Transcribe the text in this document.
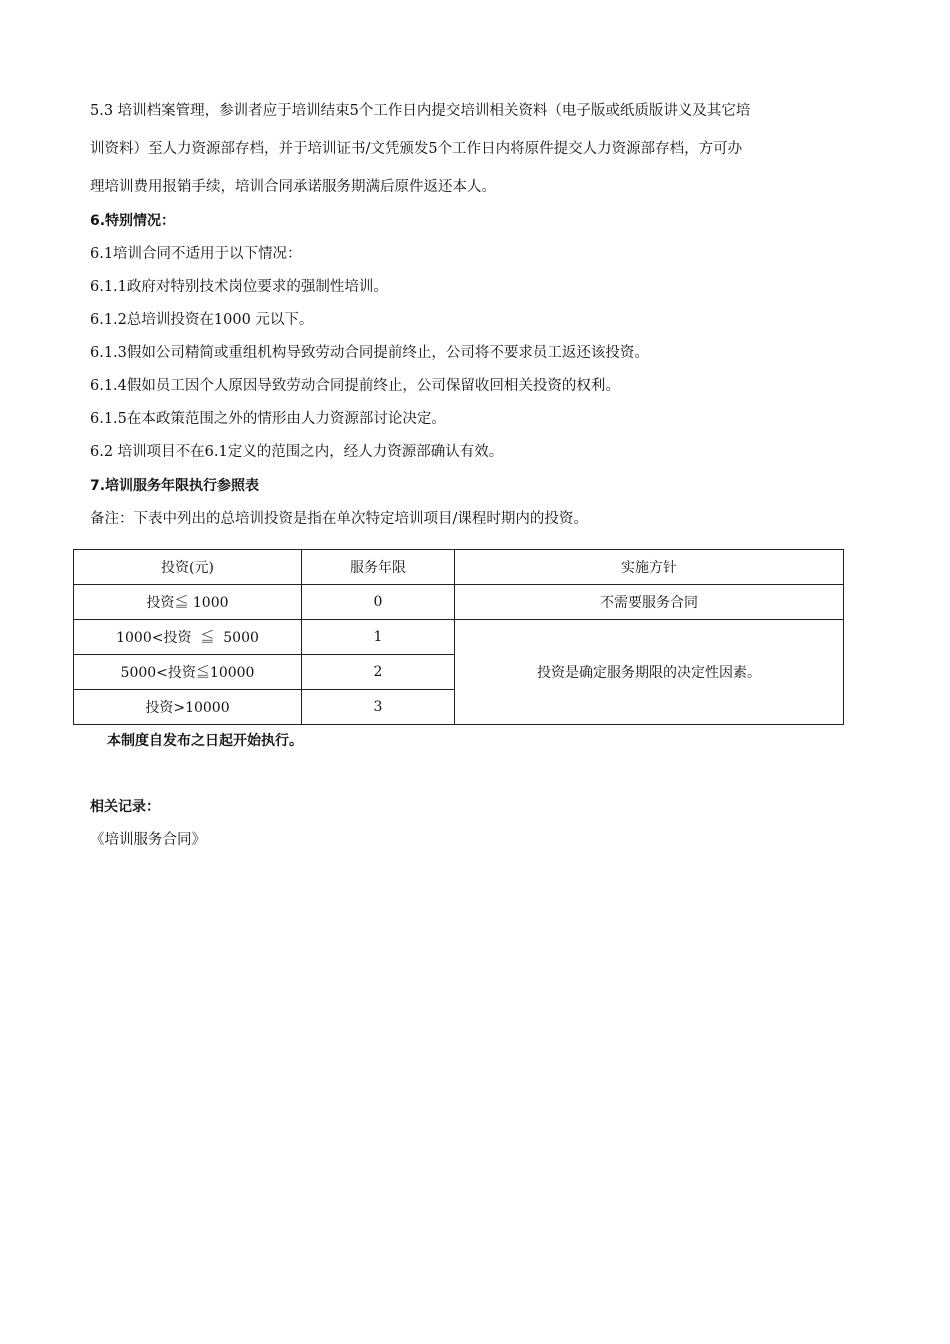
5.3 培训档案管理，参训者应于培训结束5个工作日内提交培训相关资料（电子版或纸质版讲义及其它培
训资料）至人力资源部存档，并于培训证书/文凭颁发5个工作日内将原件提交人力资源部存档，方可办
理培训费用报销手续，培训合同承诺服务期满后原件返还本人。
6.特别情况：
6.1培训合同不适用于以下情况：
6.1.1政府对特别技术岗位要求的强制性培训。
6.1.2总培训投资在1000 元以下。
6.1.3假如公司精简或重组机构导致劳动合同提前终止，公司将不要求员工返还该投资。
6.1.4假如员工因个人原因导致劳动合同提前终止，公司保留收回相关投资的权利。
6.1.5在本政策范围之外的情形由人力资源部讨论决定。
6.2 培训项目不在6.1定义的范围之内，经人力资源部确认有效。
7.培训服务年限执行参照表
备注：下表中列出的总培训投资是指在单次特定培训项目/课程时期内的投资。
投资(元)	服务年限	实施方针
投资≦ 1000	0	不需要服务合同
1000<投资  ≦  5000	1	投资是确定服务期限的决定性因素。
5000<投资≦10000	2	
投资>10000	3	
本制度自发布之日起开始执行。
相关记录：
《培训服务合同》
